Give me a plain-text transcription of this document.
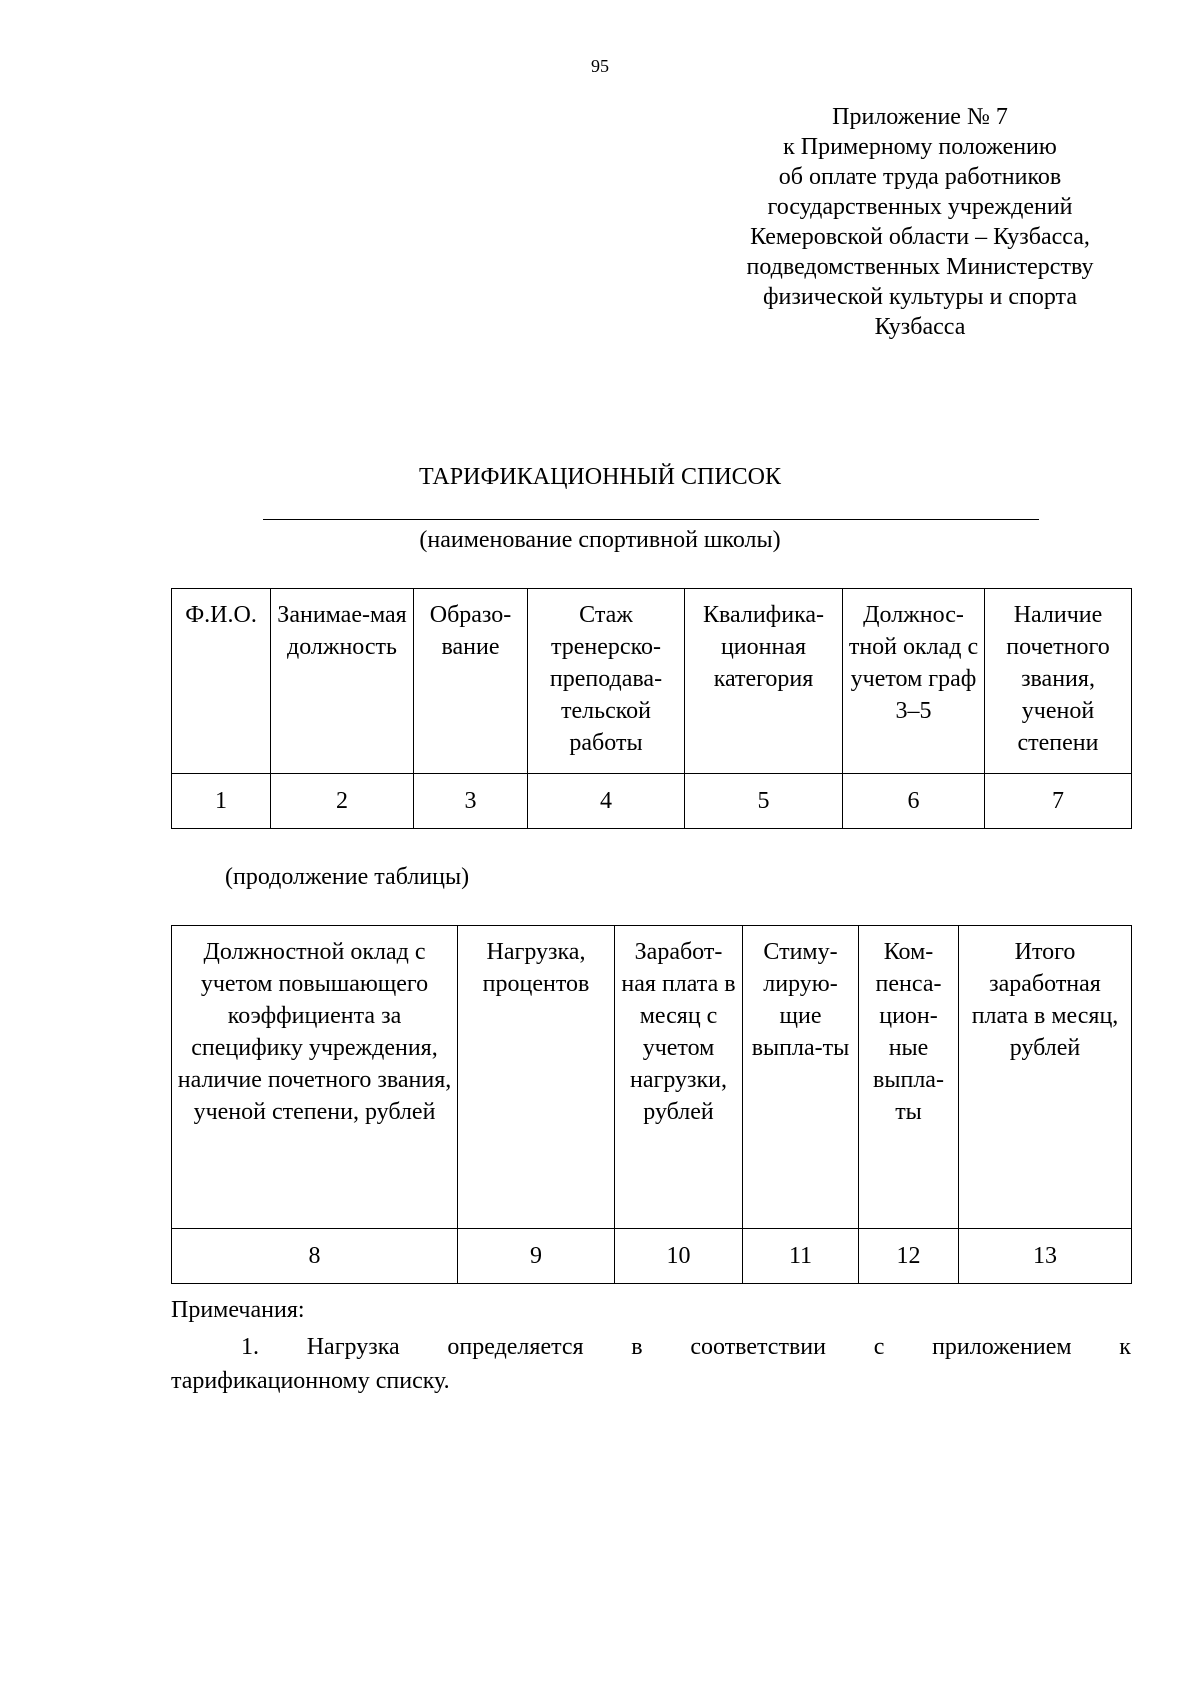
95
Приложение № 7
к Примерному положению
об оплате труда работников
государственных учреждений
Кемеровской области – Кузбасса,
подведомственных Министерству
физической культуры и спорта
Кузбасса
ТАРИФИКАЦИОННЫЙ СПИСОК
(наименование спортивной школы)
Ф.И.О.	Занимае-мая должность	Образо-вание	Стаж тренерско-преподава-тельской работы	Квалифика-ционная категория	Должнос-тной оклад с учетом граф 3–5	Наличие почетного звания, ученой степени
1	2	3	4	5	6	7
(продолжение таблицы)
Должностной оклад с учетом повышающего коэффициента за специфику учреждения, наличие почетного звания, ученой степени, рублей	Нагрузка, процентов	Заработ-ная плата в месяц с учетом нагрузки, рублей	Стиму-лирую-щие выпла-ты	Ком-пенса-цион-ные выпла-ты	Итого заработная плата в месяц, рублей
8	9	10	11	12	13
Примечания:
1. Нагрузка определяется в соответствии с приложением к
тарификационному списку.
